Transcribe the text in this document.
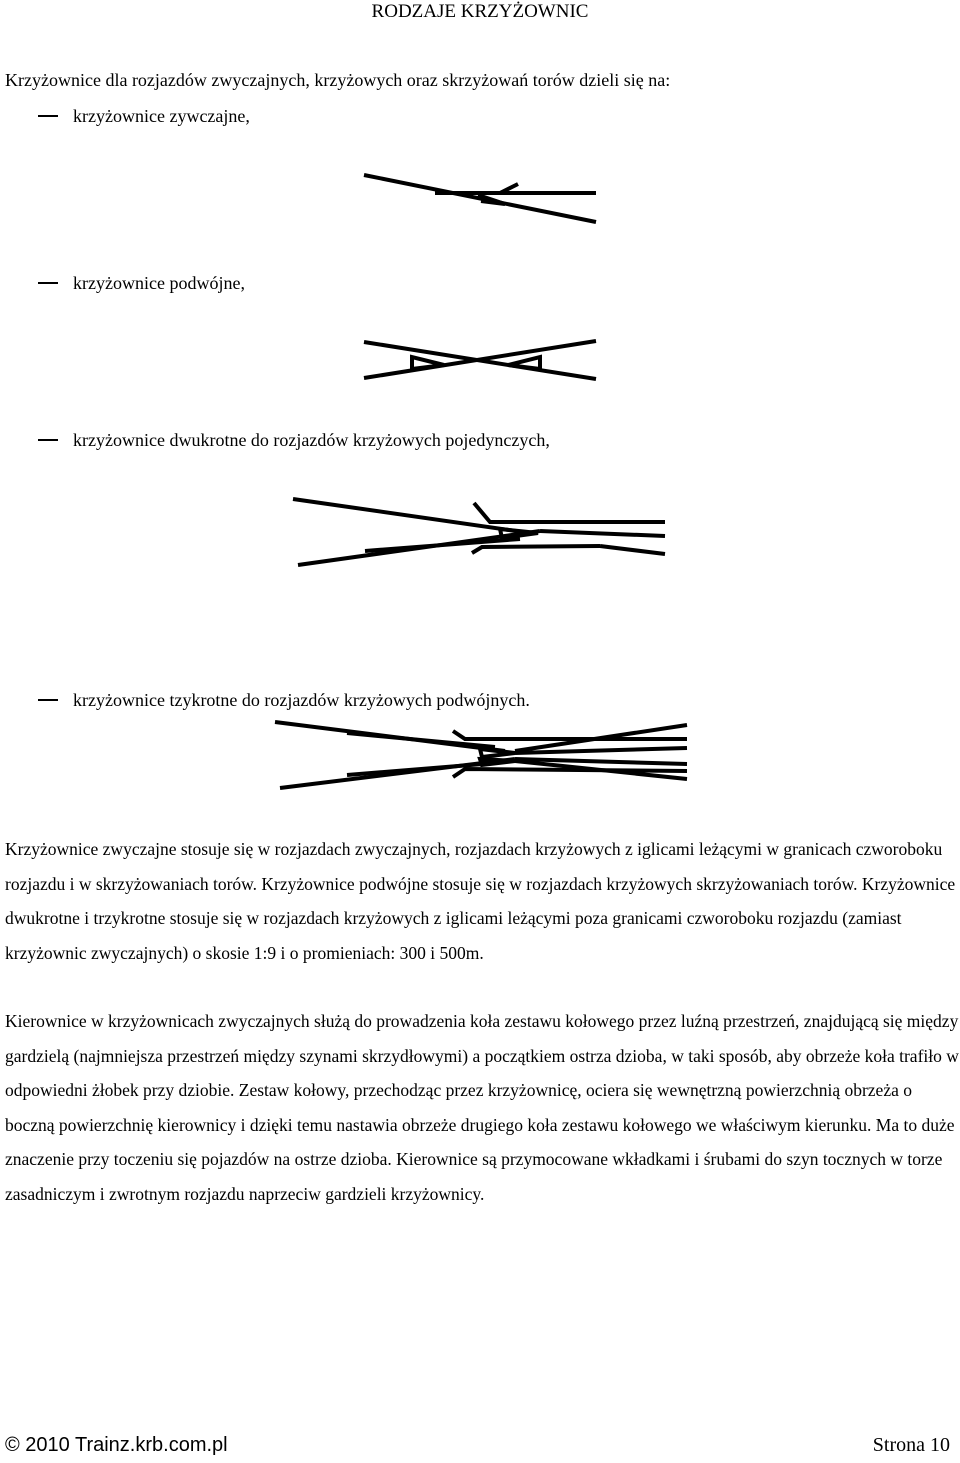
RODZAJE KRZYŻOWNIC
Krzyżownice dla rozjazdów zwyczajnych, krzyżowych oraz skrzyżowań torów dzieli się na:
krzyżownice zywczajne,
krzyżownice podwójne,
krzyżownice dwukrotne do rozjazdów krzyżowych pojedynczych,
krzyżownice tzykrotne do rozjazdów krzyżowych podwójnych.

Krzyżownice zwyczajne stosuje się w rozjazdach zwyczajnych, rozjazdach krzyżowych z iglicami leżącymi w granicach czworoboku rozjazdu i w skrzyżowaniach torów. Krzyżownice podwójne stosuje się w rozjazdach krzyżowych skrzyżowaniach torów. Krzyżownice dwukrotne i trzykrotne stosuje się w rozjazdach krzyżowych z iglicami leżącymi poza granicami czworoboku rozjazdu (zamiast krzyżownic zwyczajnych) o skosie 1:9 i o promieniach: 300 i 500m.

Kierownice w krzyżownicach zwyczajnych służą do prowadzenia koła zestawu kołowego przez luźną przestrzeń, znajdującą się między gardzielą (najmniejsza przestrzeń między szynami skrzydłowymi) a początkiem ostrza dzioba, w taki sposób, aby obrzeże koła trafiło w odpowiedni żłobek przy dziobie. Zestaw kołowy, przechodząc przez krzyżownicę, ociera się wewnętrzną powierzchnią obrzeża o boczną powierzchnię kierownicy i dzięki temu nastawia obrzeże drugiego koła zestawu kołowego we właściwym kierunku. Ma to duże znaczenie przy toczeniu się pojazdów na ostrze dzioba. Kierownice są przymocowane wkładkami i śrubami do szyn tocznych w torze zasadniczym i zwrotnym rozjazdu naprzeciw gardzieli krzyżownicy.

© 2010 Trainz.krb.com.pl	Strona 10
